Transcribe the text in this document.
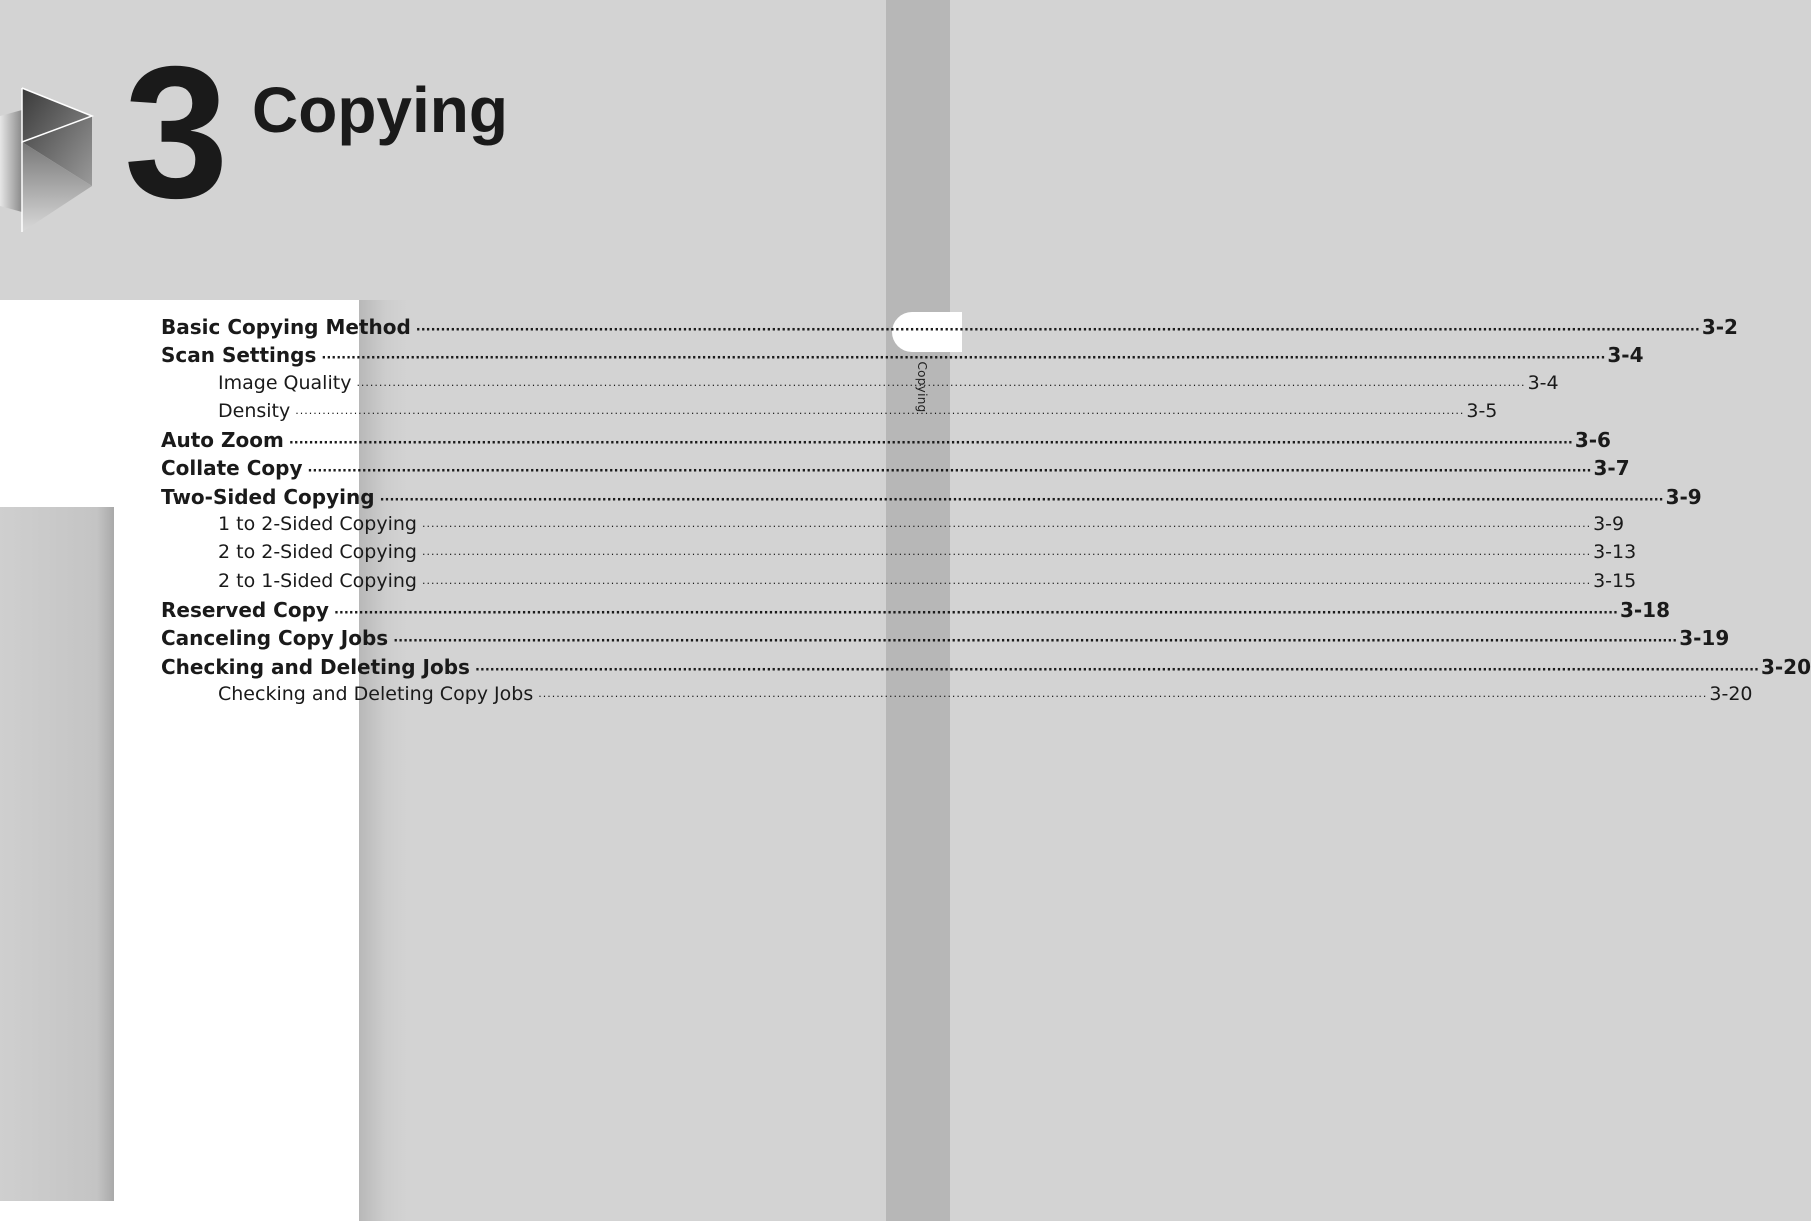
Copying
3 Copying
Basic Copying Method ···································································································································································································································································· 3-2
Scan Settings ···································································································································································································································································· 3-4
Image Quality ···································································································································································································································································· 3-4
Density ···································································································································································································································································· 3-5
Auto Zoom ···································································································································································································································································· 3-6
Collate Copy ···································································································································································································································································· 3-7
Two-Sided Copying ···································································································································································································································································· 3-9
1 to 2-Sided Copying ···································································································································································································································································· 3-9
2 to 2-Sided Copying ···································································································································································································································································· 3-13
2 to 1-Sided Copying ···································································································································································································································································· 3-15
Reserved Copy ···································································································································································································································································· 3-18
Canceling Copy Jobs ···································································································································································································································································· 3-19
Checking and Deleting Jobs ···································································································································································································································································· 3-20
Checking and Deleting Copy Jobs ···································································································································································································································································· 3-20
